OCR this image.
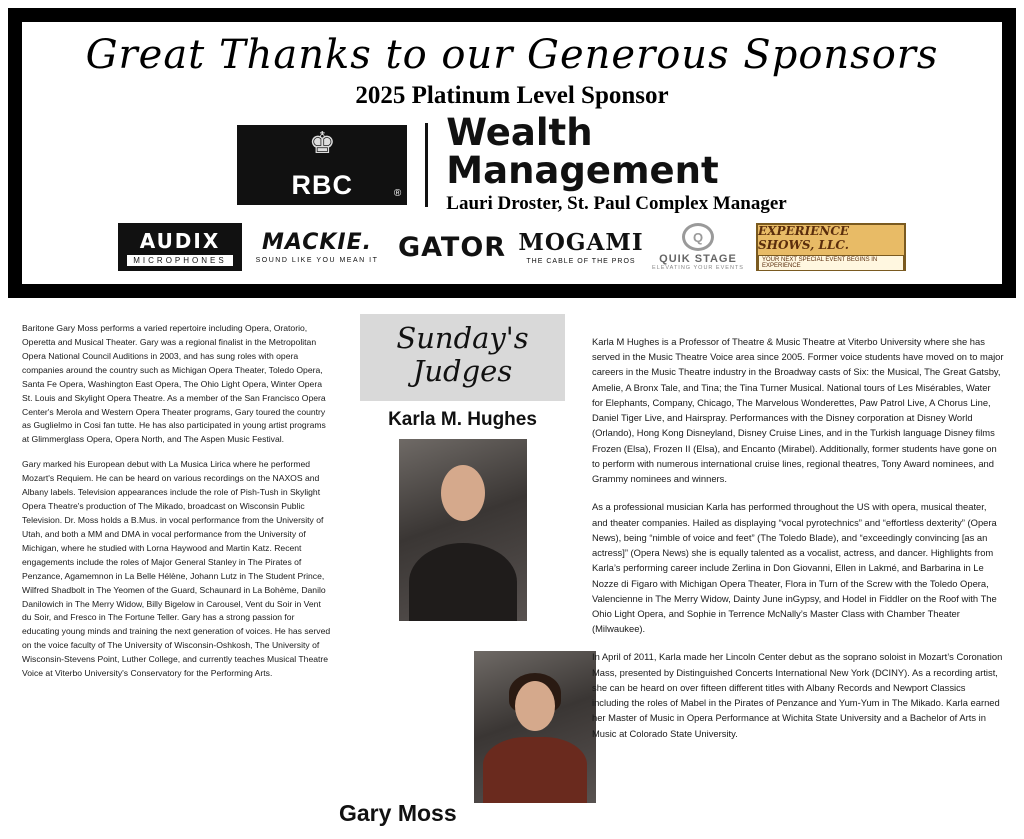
Great Thanks to our Generous Sponsors
2025 Platinum Level Sponsor
♚
RBC	®
Wealth
Management
Lauri Droster, St. Paul Complex Manager
AUDIX
MICROPHONES
MACKIE.
SOUND LIKE YOU MEAN IT GATOR MOGAMI
THE CABLE OF THE PROS
Q
QUIK STAGE
ELEVATING YOUR EVENTS
EXPERIENCE SHOWS, LLC.
YOUR NEXT SPECIAL EVENT BEGINS IN EXPERIENCE

Baritone Gary Moss performs a varied repertoire including Opera, Oratorio, Operetta and Musical Theater. Gary was a regional finalist in the Metropolitan Opera National Council Auditions in 2003, and has sung roles with opera companies around the country such as Michigan Opera Theater, Toledo Opera, Santa Fe Opera, Washington East Opera, The Ohio Light Opera, Winter Opera St. Louis and Skylight Opera Theatre. As a member of the San Francisco Opera Center's Merola and Western Opera Theater programs, Gary toured the country as Guglielmo in Cosi fan tutte. He has also participated in young artist programs at Glimmerglass Opera, Opera North, and The Aspen Music Festival.

Gary marked his European debut with La Musica Lirica where he performed Mozart's Requiem. He can be heard on various recordings on the NAXOS and Albany labels. Television appearances include the role of Pish-Tush in Skylight Opera Theatre's production of The Mikado, broadcast on Wisconsin Public Television. Dr. Moss holds a B.Mus. in vocal performance from the University of Utah, and both a MM and DMA in vocal performance from the University of Michigan, where he studied with Lorna Haywood and Martin Katz. Recent engagements include the roles of Major General Stanley in The Pirates of Penzance, Agamemnon in La Belle Hélène, Johann Lutz in The Student Prince, Wilfred Shadbolt in The Yeomen of the Guard, Schaunard in La Bohème, Danilo Danilowich in The Merry Widow, Billy Bigelow in Carousel, Vent du Soir in Vent du Soir, and Fresco in The Fortune Teller. Gary has a strong passion for educating young minds and training the next generation of voices. He has served on the voice faculty of The University of Wisconsin-Oshkosh, The University of Wisconsin-Stevens Point, Luther College, and currently teaches Musical Theatre Voice at Viterbo University's Conservatory for the Performing Arts.

Sunday's
Judges
Karla M. Hughes
Gary Moss

Karla M Hughes is a Professor of Theatre & Music Theatre at Viterbo University where she has served in the Music Theatre Voice area since 2005. Former voice students have moved on to major careers in the Music Theatre industry in the Broadway casts of Six: the Musical, The Great Gatsby, Amelie, A Bronx Tale, and Tina; the Tina Turner Musical. National tours of Les Misérables, Water for Elephants, Company, Chicago, The Marvelous Wonderettes, Paw Patrol Live, A Chorus Line, Daniel Tiger Live, and Hairspray. Performances with the Disney corporation at Disney World (Orlando), Hong Kong Disneyland, Disney Cruise Lines, and in the Turkish language Disney films Frozen (Elsa), Frozen II (Elsa), and Encanto (Mirabel). Additionally, former students have gone on to perform with numerous international cruise lines, regional theatres, Tony Award nominees, and Grammy nominees and winners.

As a professional musician Karla has performed throughout the US with opera, musical theater, and theater companies. Hailed as displaying “vocal pyrotechnics” and “effortless dexterity” (Opera News), being “nimble of voice and feet” (The Toledo Blade), and “exceedingly convincing [as an actress]” (Opera News) she is equally talented as a vocalist, actress, and dancer. Highlights from Karla’s performing career include Zerlina in Don Giovanni, Ellen in Lakmé, and Barbarina in Le Nozze di Figaro with Michigan Opera Theater, Flora in Turn of the Screw with the Toledo Opera, Valencienne in The Merry Widow, Dainty June inGypsy, and Hodel in Fiddler on the Roof with The Ohio Light Opera, and Sophie in Terrence McNally’s Master Class with Chamber Theater (Milwaukee).

In April of 2011, Karla made her Lincoln Center debut as the soprano soloist in Mozart’s Coronation Mass, presented by Distinguished Concerts International New York (DCINY). As a recording artist, she can be heard on over fifteen different titles with Albany Records and Newport Classics including the roles of Mabel in the Pirates of Penzance and Yum-Yum in The Mikado. Karla earned her Master of Music in Opera Performance at Wichita State University and a Bachelor of Arts in Music at Colorado State University.
